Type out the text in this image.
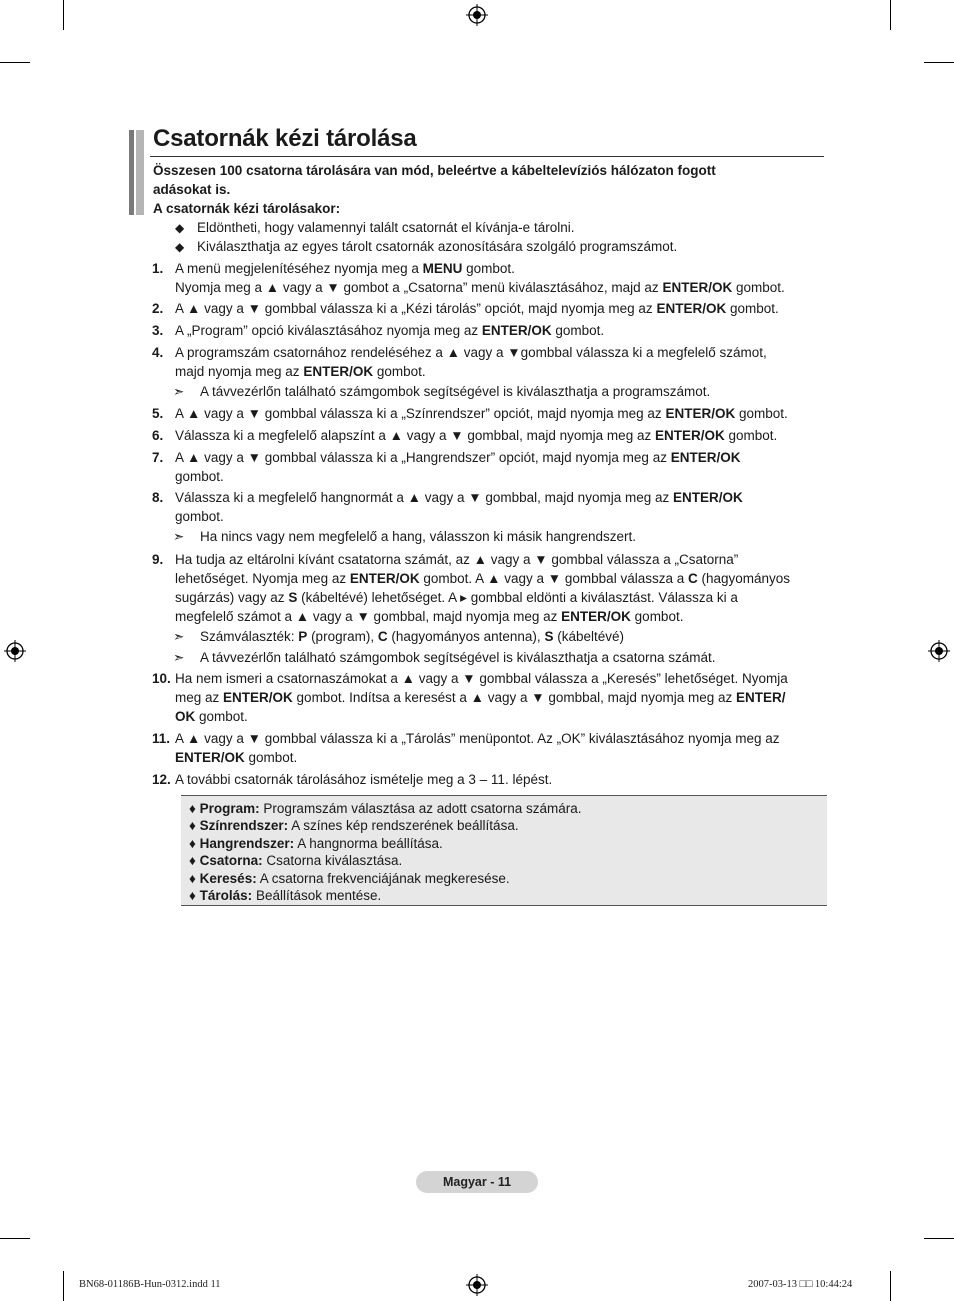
Csatornák kézi tárolása
Összesen 100 csatorna tárolására van mód, beleértve a kábeltelevíziós hálózaton fogott
adásokat is.
A csatornák kézi tárolásakor:
◆ Eldöntheti, hogy valamennyi talált csatornát el kívánja-e tárolni.
◆ Kiválaszthatja az egyes tárolt csatornák azonosítására szolgáló programszámot.
1. A menü megjelenítéséhez nyomja meg a MENU gombot.
Nyomja meg a ▲ vagy a ▼ gombot a „Csatorna” menü kiválasztásához, majd az ENTER/OK gombot.
2. A ▲ vagy a ▼ gombbal válassza ki a „Kézi tárolás” opciót, majd nyomja meg az ENTER/OK gombot.
3. A „Program” opció kiválasztásához nyomja meg az ENTER/OK gombot.
4. A programszám csatornához rendeléséhez a ▲ vagy a ▼gombbal válassza ki a megfelelő számot,
majd nyomja meg az ENTER/OK gombot.
➣ A távvezérlőn található számgombok segítségével is kiválaszthatja a programszámot.
5. A ▲ vagy a ▼ gombbal válassza ki a „Színrendszer” opciót, majd nyomja meg az ENTER/OK gombot.
6. Válassza ki a megfelelő alapszínt a ▲ vagy a ▼ gombbal, majd nyomja meg az ENTER/OK gombot.
7. A ▲ vagy a ▼ gombbal válassza ki a „Hangrendszer” opciót, majd nyomja meg az ENTER/OK
gombot.
8. Válassza ki a megfelelő hangnormát a ▲ vagy a ▼ gombbal, majd nyomja meg az ENTER/OK
gombot.
➣ Ha nincs vagy nem megfelelő a hang, válasszon ki másik hangrendszert.
9. Ha tudja az eltárolni kívánt csatatorna számát, az ▲ vagy a ▼ gombbal válassza a „Csatorna”
lehetőséget. Nyomja meg az ENTER/OK gombot. A ▲ vagy a ▼ gombbal válassza a C (hagyományos
sugárzás) vagy az S (kábeltévé) lehetőséget. A ▸ gombbal eldönti a kiválasztást. Válassza ki a
megfelelő számot a ▲ vagy a ▼ gombbal, majd nyomja meg az ENTER/OK gombot.
➣ Számválaszték: P (program), C (hagyományos antenna), S (kábeltévé)
➣ A távvezérlőn található számgombok segítségével is kiválaszthatja a csatorna számát.
10. Ha nem ismeri a csatornaszámokat a ▲ vagy a ▼ gombbal válassza a „Keresés” lehetőséget. Nyomja
meg az ENTER/OK gombot. Indítsa a keresést a ▲ vagy a ▼ gombbal, majd nyomja meg az ENTER/
OK gombot.
11. A ▲ vagy a ▼ gombbal válassza ki a „Tárolás” menüpontot. Az „OK” kiválasztásához nyomja meg az
ENTER/OK gombot.
12. A további csatornák tárolásához ismételje meg a 3 – 11. lépést.
♦ Program: Programszám választása az adott csatorna számára.
♦ Színrendszer: A színes kép rendszerének beállítása.
♦ Hangrendszer: A hangnorma beállítása.
♦ Csatorna: Csatorna kiválasztása.
♦ Keresés: A csatorna frekvenciájának megkeresése.
♦ Tárolás: Beállítások mentése.
Magyar - 11
BN68-01186B-Hun-0312.indd 11	2007-03-13 □□ 10:44:24
